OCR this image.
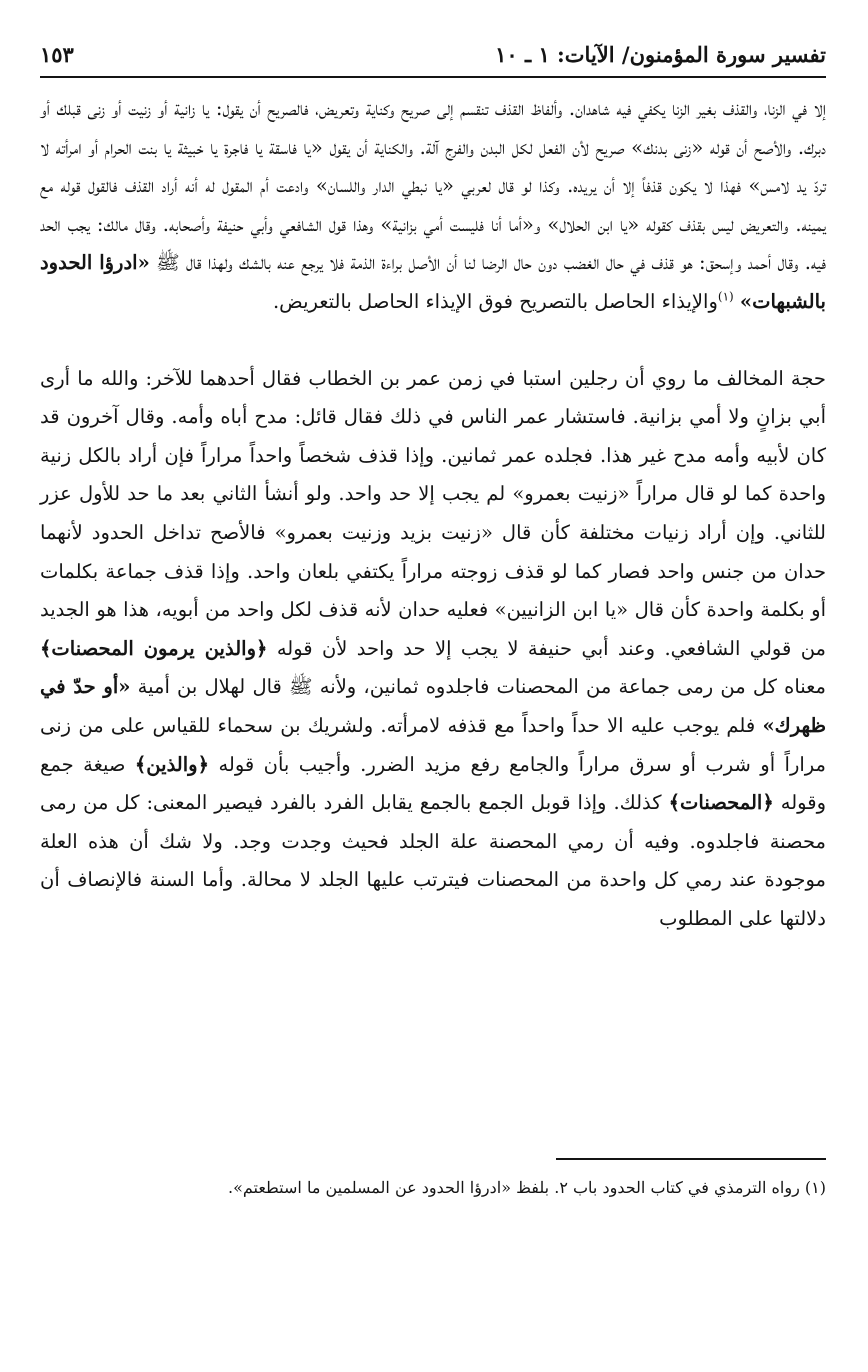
تفسير سورة المؤمنون/ الآيات: ١ ـ ١٠
١٥٣

إلا في الزنا، والقذف بغير الزنا يكفي فيه شاهدان. وألفاظ القذف تنقسم إلى صريح وكناية وتعريض، فالصريح أن يقول: يا زانية أو زنيت أو زنى قبلك أو دبرك. والأصح أن قوله «زنى بدنك» صريح لأن الفعل لكل البدن والفرج آلة. والكناية أن يقول «يا فاسقة يا فاجرة يا خبيثة يا بنت الحرام أو امرأته لا تردّ يد لامس» فهذا لا يكون قذفاً إلا أن يريده. وكذا لو قال لعربي «يا نبطي الدار واللسان» وادعت أم المقول له أنه أراد القذف فالقول قوله مع يمينه. والتعريض ليس بقذف كقوله «يا ابن الحلال» و«أما أنا فليست أمي بزانية» وهذا قول الشافعي وأبي حنيفة وأصحابه. وقال مالك: يجب الحد فيه. وقال أحمد وإسحق: هو قذف في حال الغضب دون حال الرضا لنا أن الأصل براءة الذمة فلا يرجع عنه بالشك ولهذا قال ﷺ «ادرؤا الحدود بالشبهات» $^{(١)}$والإيذاء الحاصل بالتصريح فوق الإيذاء الحاصل بالتعريض.

حجة المخالف ما روي أن رجلين استبا في زمن عمر بن الخطاب فقال أحدهما للآخر: والله ما أرى أبي بزانٍ ولا أمي بزانية. فاستشار عمر الناس في ذلك فقال قائل: مدح أباه وأمه. وقال آخرون قد كان لأبيه وأمه مدح غير هذا. فجلده عمر ثمانين. وإذا قذف شخصاً واحداً مراراً فإن أراد بالكل زنية واحدة كما لو قال مراراً «زنيت بعمرو» لم يجب إلا حد واحد. ولو أنشأ الثاني بعد ما حد للأول عزر للثاني. وإن أراد زنيات مختلفة كأن قال «زنيت بزيد وزنيت بعمرو» فالأصح تداخل الحدود لأنهما حدان من جنس واحد فصار كما لو قذف زوجته مراراً يكتفي بلعان واحد. وإذا قذف جماعة بكلمات أو بكلمة واحدة كأن قال «يا ابن الزانيين» فعليه حدان لأنه قذف لكل واحد من أبويه، هذا هو الجديد من قولي الشافعي. وعند أبي حنيفة لا يجب إلا حد واحد لأن قوله ﴿والذين يرمون المحصنات﴾ معناه كل من رمى جماعة من المحصنات فاجلدوه ثمانين، ولأنه ﷺ قال لهلال بن أمية «أو حدّ في ظهرك» فلم يوجب عليه الا حداً واحداً مع قذفه لامرأته. ولشريك بن سحماء للقياس على من زنى مراراً أو شرب أو سرق مراراً والجامع رفع مزيد الضرر. وأجيب بأن قوله ﴿والذين﴾ صيغة جمع وقوله ﴿المحصنات﴾ كذلك. وإذا قوبل الجمع بالجمع يقابل الفرد بالفرد فيصير المعنى: كل من رمى محصنة فاجلدوه. وفيه أن رمي المحصنة علة الجلد فحيث وجدت وجد. ولا شك أن هذه العلة موجودة عند رمي كل واحدة من المحصنات فيترتب عليها الجلد لا محالة. وأما السنة فالإنصاف أن دلالتها على المطلوب

(١) رواه الترمذي في كتاب الحدود باب ٢. بلفظ «ادرؤا الحدود عن المسلمين ما استطعتم».
